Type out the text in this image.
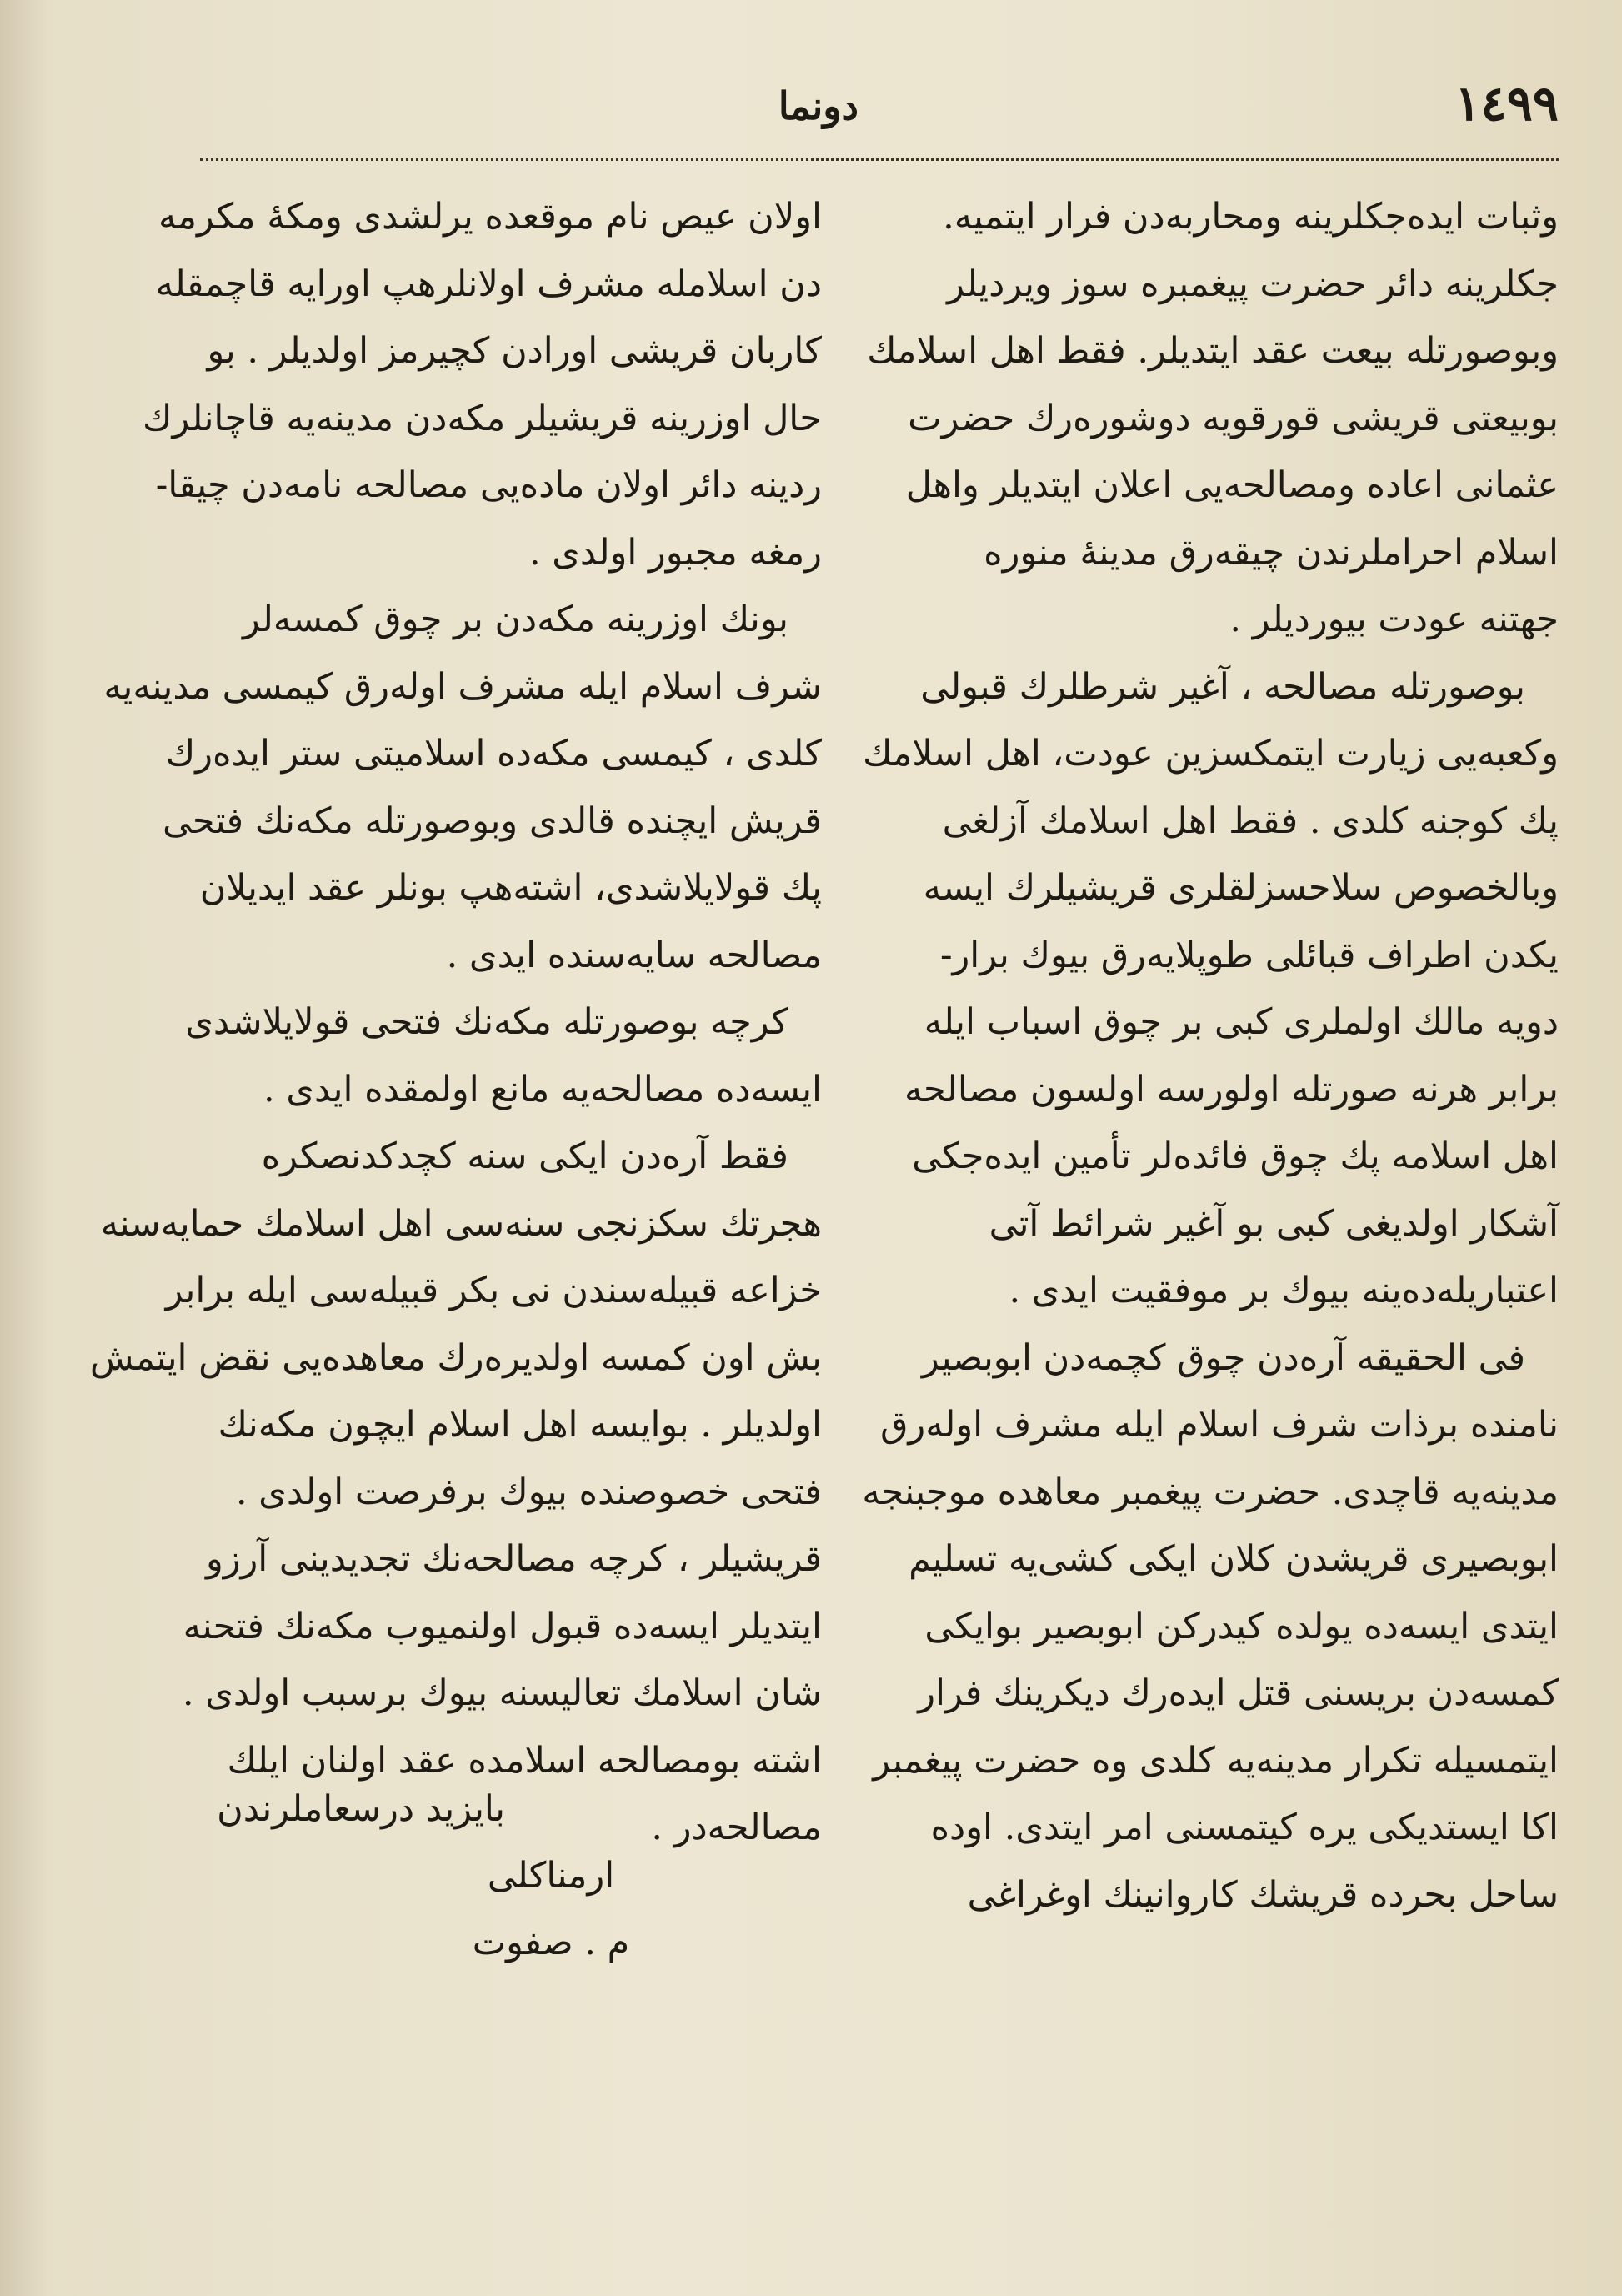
١٤٩٩
دونما
وثبات ايده‌جكلرينه ومحاربه‌دن فرار ايتميه‌.
جكلرينه دائر حضرت پيغمبره سوز ويرديلر
وبوصورتله بيعت عقد ايتديلر. فقط اهل اسلامك
بوبيعتى قريشى قورقويه دوشوره‌رك حضرت
عثمانى اعاده ومصالحه‌يى اعلان ايتديلر واهل
اسلام احراملرندن چيقه‌رق مدينهٔ منوره
جهتنه عودت بيورديلر .
بوصورتله مصالحه ، آغير شرطلرك قبولى
وكعبه‌يى زيارت ايتمكسزين عودت، اهل اسلامك
پك كوجنه كلدى . فقط اهل اسلامك آزلغى
وبالخصوص سلاحسزلقلرى قريشيلرك ايسه
يكدن اطراف قبائلى طوپلايه‌رق بيوك برار-
دويه مالك اولملرى كبى بر چوق اسباب ايله
برابر هرنه صورتله اولورسه اولسون مصالحه
اهل اسلامه پك چوق فائده‌لر تأمين ايده‌جكى
آشكار اولديغى كبى بو آغير شرائط آتى
اعتباريله‌ده‌ينه بيوك بر موفقيت ايدى .
فى الحقيقه آره‌دن چوق كچمه‌دن ابوبصير
نامنده برذات شرف اسلام ايله مشرف اوله‌رق
مدينه‌يه قاچدى. حضرت پيغمبر معاهده موجبنجه
ابوبصيرى قريشدن كلان ايكى كشى‌يه تسليم
ايتدى ايسه‌ده يولده كيدركن ابوبصير بوايكى
كمسه‌دن بريسنى قتل ايده‌رك ديكرينك فرار
ايتمسيله تكرار مدينه‌يه كلدى وه حضرت پيغمبر
اكا ايستديكى يره كيتمسنى امر ايتدى. اوده
ساحل بحرده قريشك كاروانينك اوغراغى
اولان عيص نام موقعده يرلشدى ومكهٔ مكرمه
دن اسلامله مشرف اولانلرهپ اورايه قاچمقله
كاربان قريشى اورادن كچيرمز اولديلر . بو
حال اوزرينه قريشيلر مكه‌دن مدينه‌يه قاچانلرك
ردينه دائر اولان ماده‌يى مصالحه نامه‌دن چيقا-
رمغه مجبور اولدى .
بونك اوزرينه مكه‌دن بر چوق كمسه‌لر
شرف اسلام ايله مشرف اوله‌رق كيمسى مدينه‌يه
كلدى ، كيمسى مكه‌ده اسلاميتى ستر ايده‌رك
قريش ايچنده قالدى وبوصورتله مكه‌نك فتحى
پك قولايلاشدى، اشته‌هپ بونلر عقد ايديلان
مصالحه سايه‌سنده ايدى .
كرچه بوصورتله مكه‌نك فتحى قولايلاشدى
ايسه‌ده مصالحه‌يه مانع اولمقده ايدى .
فقط آره‌دن ايكى سنه كچدكدنصكره
هجرتك سكزنجى سنه‌سى اهل اسلامك حمايه‌سنه
خزاعه قبيله‌سندن نى بكر قبيله‌سى ايله برابر
بش اون كمسه اولديره‌رك معاهده‌يى نقض ايتمش
اولديلر . بوايسه اهل اسلام ايچون مكه‌نك
فتحى خصوصنده بيوك برفرصت اولدى .
قريشيلر ، كرچه مصالحه‌نك تجديدينى آرزو
ايتديلر ايسه‌ده قبول اولنميوب مكه‌نك فتحنه
شان اسلامك تعاليسنه بيوك برسبب اولدى .
اشته بومصالحه اسلامده عقد اولنان ايلك
مصالحه‌در .
بايزيد درسعاملرندن
ارمناكلى
م . صفوت
